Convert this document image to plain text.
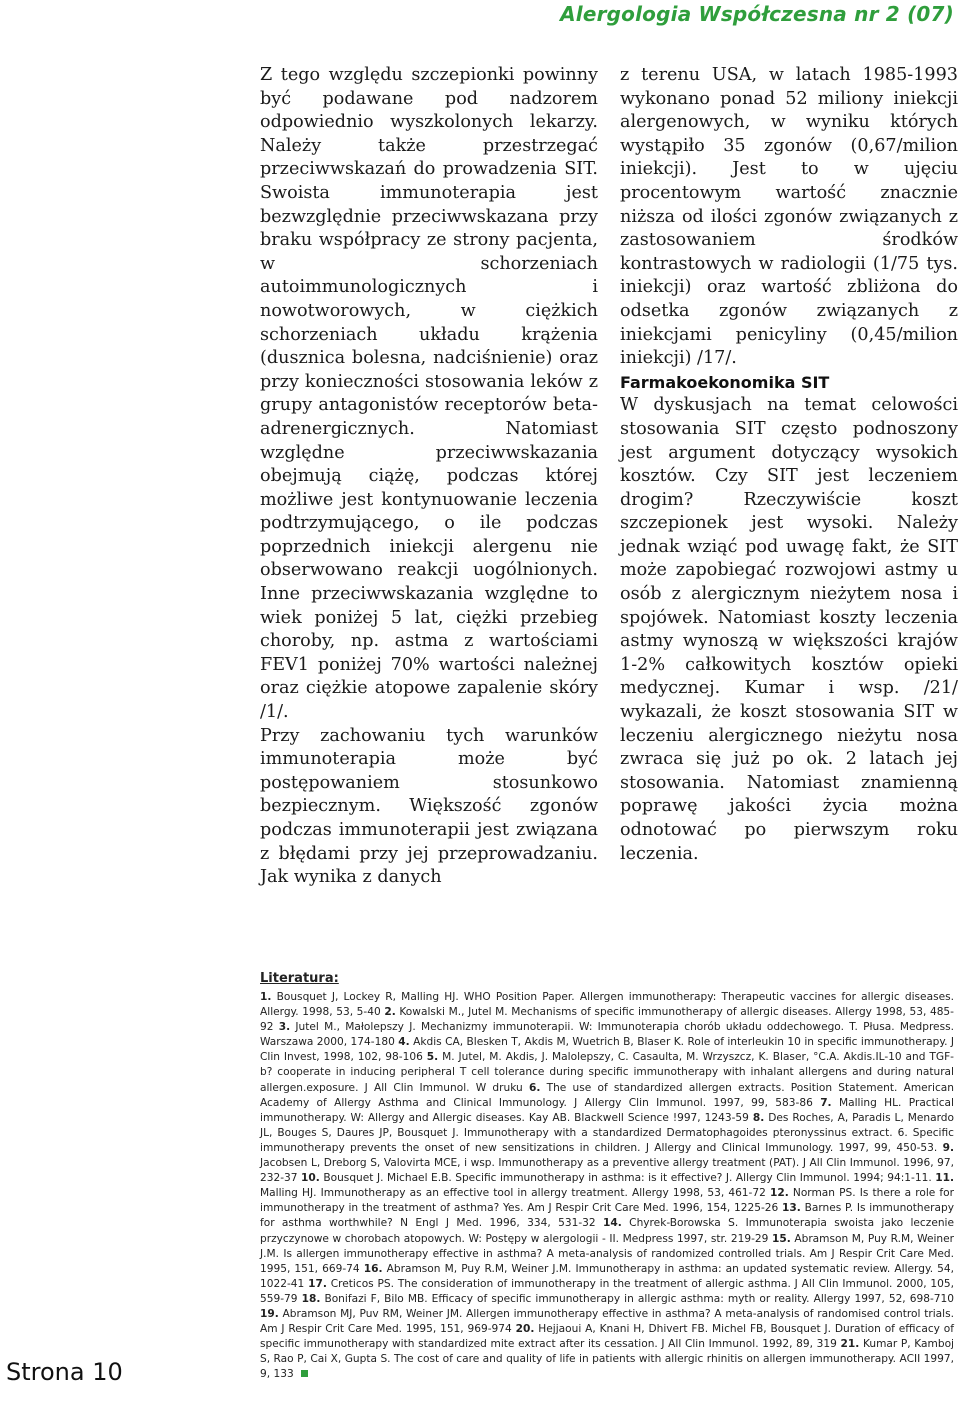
Alergologia Współczesna nr 2 (07)

Z tego względu szczepionki powinny być podawane pod nadzorem odpowiednio wyszkolonych lekarzy. Należy także przestrzegać przeciwwskazań do prowadzenia SIT. Swoista immunoterapia jest bezwzględnie przeciwwskazana przy braku współpracy ze strony pacjenta, w schorzeniach autoimmunologicznych i nowotworowych, w ciężkich schorzeniach układu krążenia (dusznica bolesna, nadciśnienie) oraz przy konieczności stosowania leków z grupy antagonistów receptorów beta-adrenergicznych. Natomiast względne przeciwwskazania obejmują ciążę, podczas której możliwe jest kontynuowanie leczenia podtrzymującego, o ile podczas poprzednich iniekcji alergenu nie obserwowano reakcji uogólnionych. Inne przeciwwskazania względne to wiek poniżej 5 lat, ciężki przebieg choroby, np. astma z wartościami FEV1 poniżej 70% wartości należnej oraz ciężkie atopowe zapalenie skóry /1/.

Przy zachowaniu tych warunków immunoterapia może być postępowaniem stosunkowo bezpiecznym. Większość zgonów podczas immunoterapii jest związana z błędami przy jej przeprowadzaniu. Jak wynika z danych

z terenu USA, w latach 1985-1993 wykonano ponad 52 miliony iniekcji alergenowych, w wyniku których wystąpiło 35 zgonów (0,67/milion iniekcji). Jest to w ujęciu procentowym wartość znacznie niższa od ilości zgonów związanych z zastosowaniem środków kontrastowych w radiologii (1/75 tys. iniekcji) oraz wartość zbliżona do odsetka zgonów związanych z iniekcjami penicyliny (0,45/milion iniekcji) /17/.

Farmakoekonomika SIT

W dyskusjach na temat celowości stosowania SIT często podnoszony jest argument dotyczący wysokich kosztów. Czy SIT jest leczeniem drogim? Rzeczywiście koszt szczepionek jest wysoki. Należy jednak wziąć pod uwagę fakt, że SIT może zapobiegać rozwojowi astmy u osób z alergicznym nieżytem nosa i spojówek. Natomiast koszty leczenia astmy wynoszą w większości krajów 1-2% całkowitych kosztów opieki medycznej. Kumar i wsp. /21/ wykazali, że koszt stosowania SIT w leczeniu alergicznego nieżytu nosa zwraca się już po ok. 2 latach jej stosowania. Natomiast znamienną poprawę jakości życia można odnotować po pierwszym roku leczenia.

Literatura:
1. Bousquet J, Lockey R, Malling HJ. WHO Position Paper. Allergen immunotherapy: Therapeutic vaccines for allergic diseases. Allergy. 1998, 53, 5-40 2. Kowalski M., Jutel M. Mechanisms of specific immunotherapy of allergic diseases. Allergy 1998, 53, 485-92 3. Jutel M., Małolepszy J. Mechanizmy immunoterapii. W: Immunoterapia chorób układu oddechowego. T. Płusa. Medpress. Warszawa 2000, 174-180 4. Akdis CA, Blesken T, Akdis M, Wuetrich B, Blaser K. Role of interleukin 10 in specific immunotherapy. J Clin Invest, 1998, 102, 98-106 5. M. Jutel, M. Akdis, J. Malolepszy, C. Casaulta, M. Wrzyszcz, K. Blaser, °C.A. Akdis.IL-10 and TGF-b? cooperate in inducing peripheral T cell tolerance during specific immunotherapy with inhalant allergens and during natural allergen.exposure. J All Clin Immunol. W druku 6. The use of standardized allergen extracts. Position Statement. American Academy of Allergy Asthma and Clinical Immunology. J Allergy Clin Immunol. 1997, 99, 583-86 7. Malling HL. Practical immunotherapy. W: Allergy and Allergic diseases. Kay AB. Blackwell Science !997, 1243-59 8. Des Roches, A, Paradis L, Menardo JL, Bouges S, Daures JP, Bousquet J. Immunotherapy with a standardized Dermatophagoides pteronyssinus extract. 6. Specific immunotherapy prevents the onset of new sensitizations in children. J Allergy and Clinical Immunology. 1997, 99, 450-53. 9. Jacobsen L, Dreborg S, Valovirta MCE, i wsp. Immunotherapy as a preventive allergy treatment (PAT). J All Clin Immunol. 1996, 97, 232-37 10. Bousquet J. Michael E.B. Specific immunotherapy in asthma: is it effective? J. Allergy Clin Immunol. 1994; 94:1-11. 11. Malling HJ. Immunotherapy as an effective tool in allergy treatment. Allergy 1998, 53, 461-72 12. Norman PS. Is there a role for immunotherapy in the treatment of asthma? Yes. Am J Respir Crit Care Med. 1996, 154, 1225-26 13. Barnes P. Is immunotherapy for asthma worthwhile? N Engl J Med. 1996, 334, 531-32 14. Chyrek-Borowska S. Immunoterapia swoista jako leczenie przyczynowe w chorobach atopowych. W: Postępy w alergologii - II. Medpress 1997, str. 219-29 15. Abramson M, Puy R.M, Weiner J.M. Is allergen immunotherapy effective in asthma? A meta-analysis of randomized controlled trials. Am J Respir Crit Care Med. 1995, 151, 669-74 16. Abramson M, Puy R.M, Weiner J.M. Immunotherapy in asthma: an updated systematic review. Allergy. 54, 1022-41 17. Creticos PS. The consideration of immunotherapy in the treatment of allergic asthma. J All Clin Immunol. 2000, 105, 559-79 18. Bonifazi F, Bilo MB. Efficacy of specific immunotherapy in allergic asthma: myth or reality. Allergy 1997, 52, 698-710 19. Abramson MJ, Puv RM, Weiner JM. Allergen immunotherapy effective in asthma? A meta-analysis of randomised control trials. Am J Respir Crit Care Med. 1995, 151, 969-974 20. Hejjaoui A, Knani H, Dhivert FB. Michel FB, Bousquet J. Duration of efficacy of specific immunotherapy with standardized mite extract after its cessation. J All Clin Immunol. 1992, 89, 319 21. Kumar P, Kamboj S, Rao P, Cai X, Gupta S. The cost of care and quality of life in patients with allergic rhinitis on allergen immunotherapy. ACII 1997, 9, 133
Strona 10
